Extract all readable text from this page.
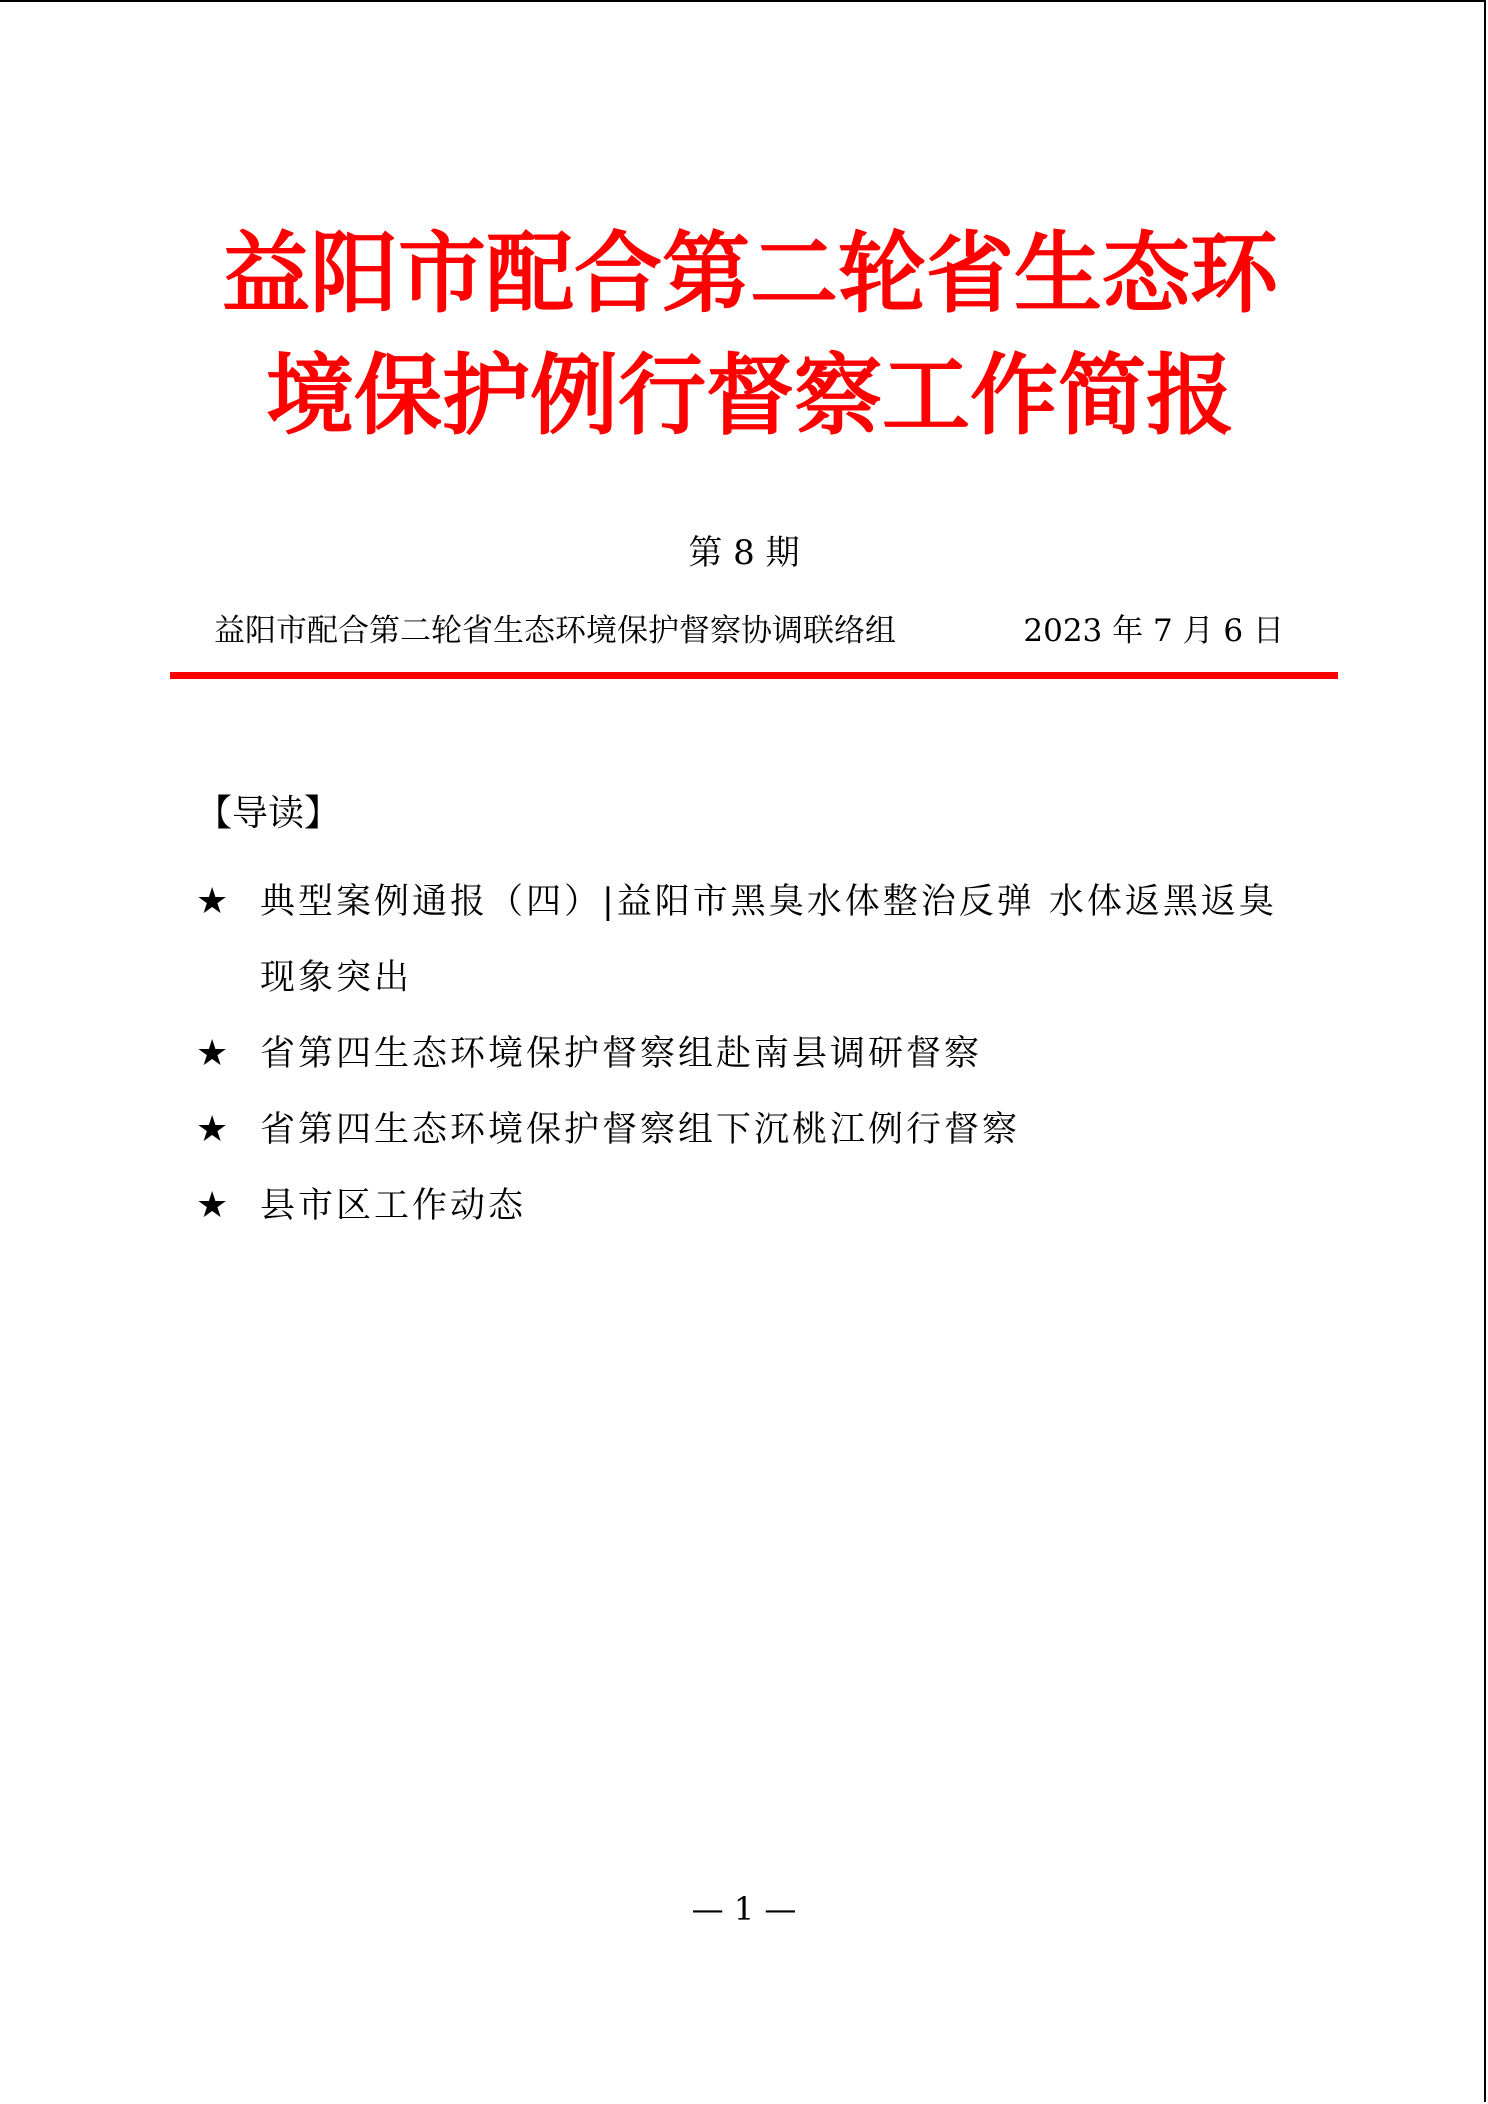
益阳市配合第二轮省生态环
境保护例行督察工作简报
第 8 期
益阳市配合第二轮省生态环境保护督察协调联络组	2023 年 7 月 6 日
【导读】
★ 典型案例通报（四）|益阳市黑臭水体整治反弹 水体返黑返臭现象突出
★ 省第四生态环境保护督察组赴南县调研督察
★ 省第四生态环境保护督察组下沉桃江例行督察
★ 县市区工作动态
— 1 —
